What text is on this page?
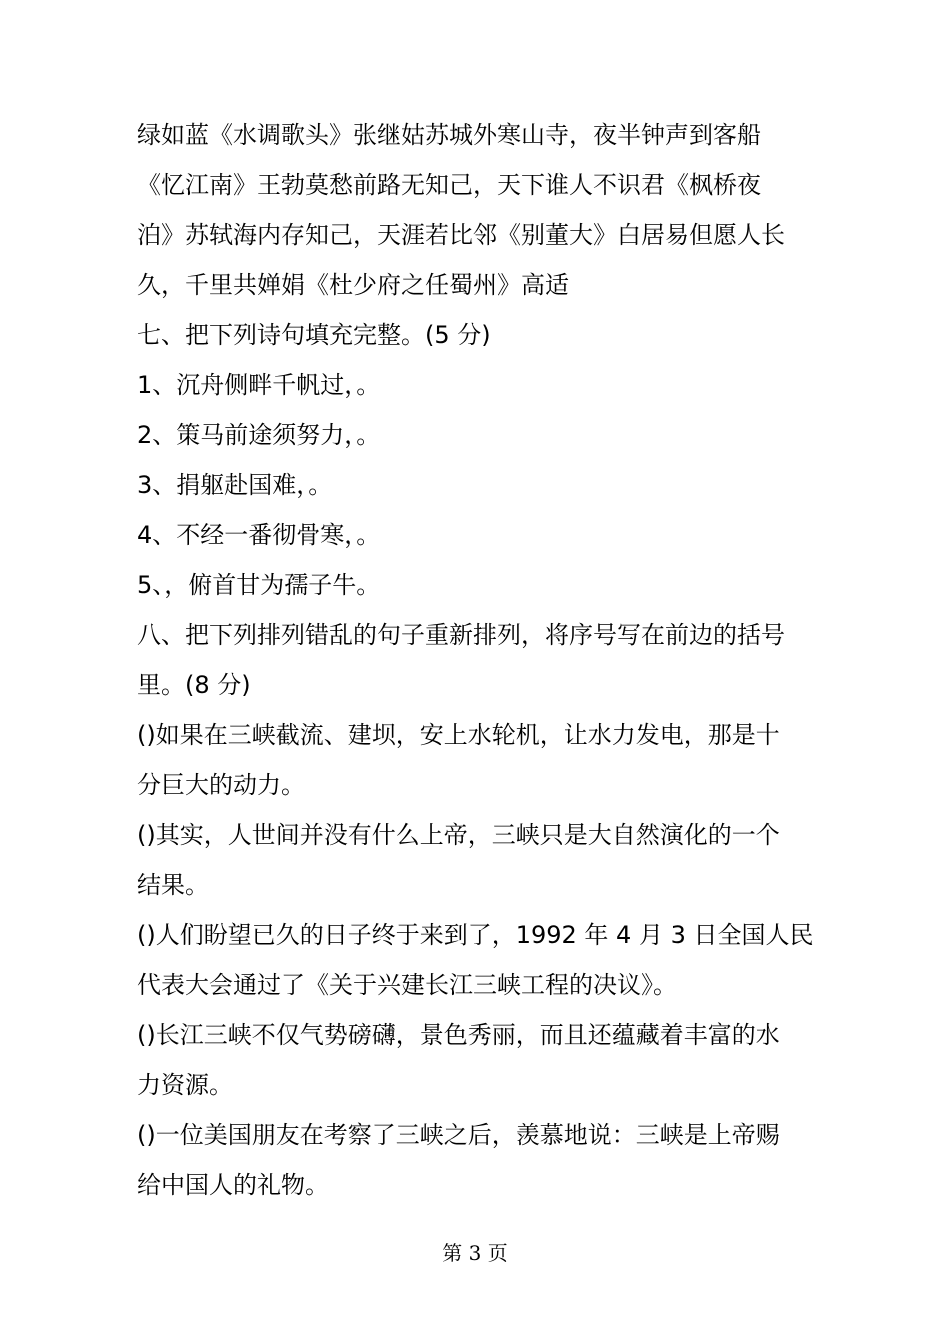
绿如蓝《水调歌头》张继姑苏城外寒山寺，夜半钟声到客船

《忆江南》王勃莫愁前路无知己，天下谁人不识君《枫桥夜

泊》苏轼海内存知己，天涯若比邻《别董大》白居易但愿人长

久，千里共婵娟《杜少府之任蜀州》高适

七、把下列诗句填充完整。(5 分)

1、沉舟侧畔千帆过，。

2、策马前途须努力，。

3、捐躯赴国难，。

4、不经一番彻骨寒，。

5、，俯首甘为孺子牛。

八、把下列排列错乱的句子重新排列，将序号写在前边的括号

里。(8 分)

()如果在三峡截流、建坝，安上水轮机，让水力发电，那是十

分巨大的动力。

()其实，人世间并没有什么上帝，三峡只是大自然演化的一个

结果。

()人们盼望已久的日子终于来到了，1992 年 4 月 3 日全国人民

代表大会通过了《关于兴建长江三峡工程的决议》。

()长江三峡不仅气势磅礴，景色秀丽，而且还蕴藏着丰富的水

力资源。

()一位美国朋友在考察了三峡之后，羡慕地说：三峡是上帝赐

给中国人的礼物。

第 3 页
